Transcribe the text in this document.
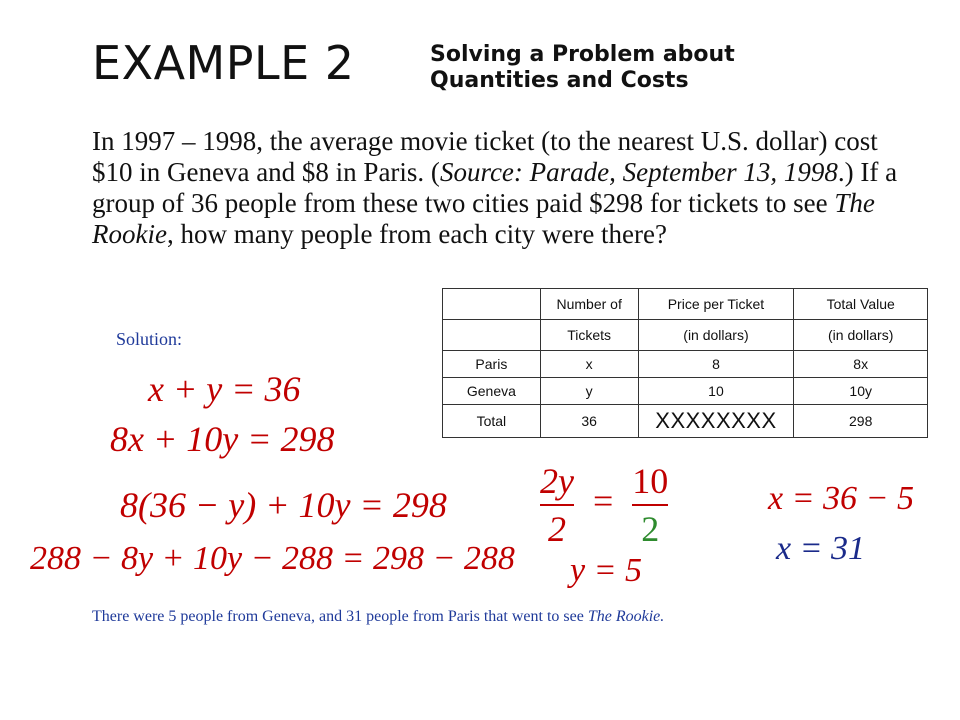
EXAMPLE 2	Solving a Problem about
Quantities and Costs
In 1997 – 1998, the average movie ticket (to the nearest U.S. dollar) cost $10 in Geneva and $8 in Paris. (Source: Parade, September 13, 1998.) If a group of 36 people from these two cities paid $298 for tickets to see The Rookie, how many people from each city were there?
Solution:
	Number of	Price per Ticket	Total Value
	Tickets	(in dollars)	(in dollars)
Paris	x	8	8x
Geneva	y	10	10y
Total	36	XXXXXXXX	298
x + y = 36
8x + 10y = 298
8(36 − y) + 10y = 298
288 − 8y + 10y − 288 = 298 − 288
$\frac{2y}{2} = \frac{10}{2}$
y = 5
x = 36 − 5
x = 31
There were 5 people from Geneva, and 31 people from Paris that went to see The Rookie.
